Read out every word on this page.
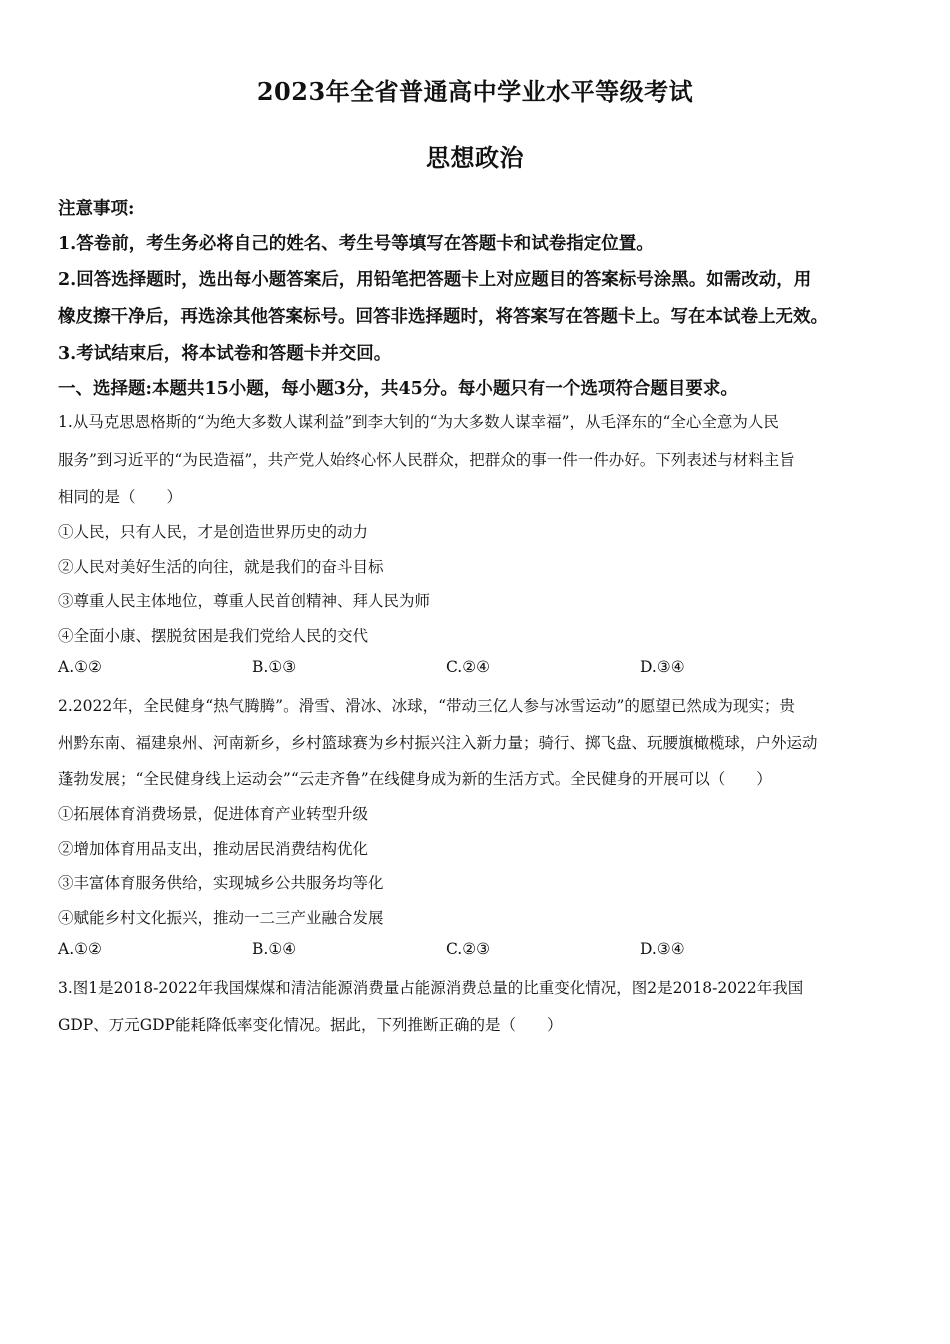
2023年全省普通高中学业水平等级考试
思想政治
注意事项:
1.答卷前，考生务必将自己的姓名、考生号等填写在答题卡和试卷指定位置。
2.回答选择题时，选出每小题答案后，用铅笔把答题卡上对应题目的答案标号涂黑。如需改动，用
橡皮擦干净后，再选涂其他答案标号。回答非选择题时，将答案写在答题卡上。写在本试卷上无效。
3.考试结束后，将本试卷和答题卡并交回。
一、选择题:本题共15小题，每小题3分，共45分。每小题只有一个选项符合题目要求。
1.从马克思恩格斯的“为绝大多数人谋利益”到李大钊的“为大多数人谋幸福”，从毛泽东的“全心全意为人民
服务”到习近平的“为民造福”，共产党人始终心怀人民群众，把群众的事一件一件办好。下列表述与材料主旨
相同的是（　　）
①人民，只有人民，才是创造世界历史的动力
②人民对美好生活的向往，就是我们的奋斗目标
③尊重人民主体地位，尊重人民首创精神、拜人民为师
④全面小康、摆脱贫困是我们党给人民的交代
A.①②	B.①③	C.②④	D.③④
2.2022年，全民健身“热气腾腾”。滑雪、滑冰、冰球，“带动三亿人参与冰雪运动”的愿望已然成为现实；贵
州黔东南、福建泉州、河南新乡，乡村篮球赛为乡村振兴注入新力量；骑行、掷飞盘、玩腰旗橄榄球，户外运动
蓬勃发展；“全民健身线上运动会”“云走齐鲁”在线健身成为新的生活方式。全民健身的开展可以（　　）
①拓展体育消费场景，促进体育产业转型升级
②增加体育用品支出，推动居民消费结构优化
③丰富体育服务供给，实现城乡公共服务均等化
④赋能乡村文化振兴，推动一二三产业融合发展
A.①②	B.①④	C.②③	D.③④
3.图1是2018-2022年我国煤煤和清洁能源消费量占能源消费总量的比重变化情况，图2是2018-2022年我国
GDP、万元GDP能耗降低率变化情况。据此，下列推断正确的是（　　）
